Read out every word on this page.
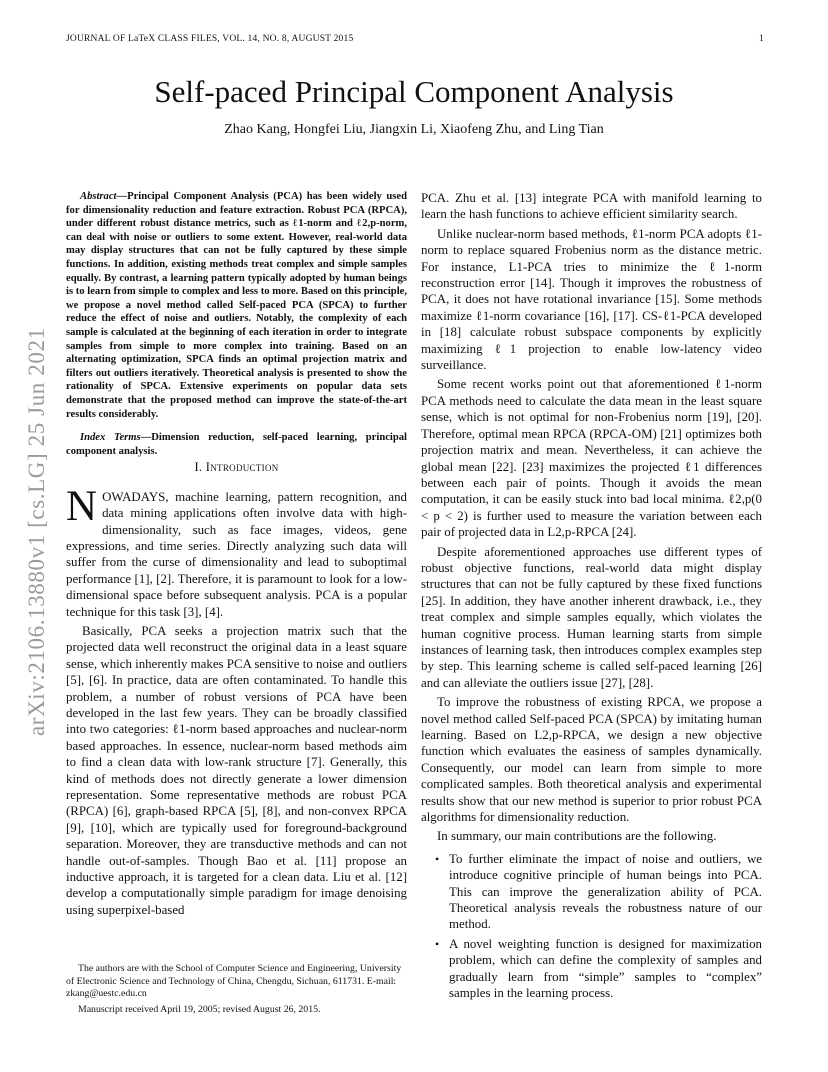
JOURNAL OF LaTeX CLASS FILES, VOL. 14, NO. 8, AUGUST 2015	1
arXiv:2106.13880v1 [cs.LG] 25 Jun 2021
Self-paced Principal Component Analysis
Zhao Kang, Hongfei Liu, Jiangxin Li, Xiaofeng Zhu, and Ling Tian

Abstract—Principal Component Analysis (PCA) has been widely used for dimensionality reduction and feature extraction. Robust PCA (RPCA), under different robust distance metrics, such as ℓ1-norm and ℓ2,p-norm, can deal with noise or outliers to some extent. However, real-world data may display structures that can not be fully captured by these simple functions. In addition, existing methods treat complex and simple samples equally. By contrast, a learning pattern typically adopted by human beings is to learn from simple to complex and less to more. Based on this principle, we propose a novel method called Self-paced PCA (SPCA) to further reduce the effect of noise and outliers. Notably, the complexity of each sample is calculated at the beginning of each iteration in order to integrate samples from simple to more complex into training. Based on an alternating optimization, SPCA finds an optimal projection matrix and filters out outliers iteratively. Theoretical analysis is presented to show the rationality of SPCA. Extensive experiments on popular data sets demonstrate that the proposed method can improve the state-of-the-art results considerably.

Index Terms—Dimension reduction, self-paced learning, principal component analysis.

I. Introduction

NOWADAYS, machine learning, pattern recognition, and data mining applications often involve data with high-dimensionality, such as face images, videos, gene expressions, and time series. Directly analyzing such data will suffer from the curse of dimensionality and lead to suboptimal performance [1], [2]. Therefore, it is paramount to look for a low-dimensional space before subsequent analysis. PCA is a popular technique for this task [3], [4].

Basically, PCA seeks a projection matrix such that the projected data well reconstruct the original data in a least square sense, which inherently makes PCA sensitive to noise and outliers [5], [6]. In practice, data are often contaminated. To handle this problem, a number of robust versions of PCA have been developed in the last few years. They can be broadly classified into two categories: ℓ1-norm based approaches and nuclear-norm based approaches. In essence, nuclear-norm based methods aim to find a clean data with low-rank structure [7]. Generally, this kind of methods does not directly generate a lower dimension representation. Some representative methods are robust PCA (RPCA) [6], graph-based RPCA [5], [8], and non-convex RPCA [9], [10], which are typically used for foreground-background separation. Moreover, they are transductive methods and can not handle out-of-samples. Though Bao et al. [11] propose an inductive approach, it is targeted for a clean data. Liu et al. [12] develop a computationally simple paradigm for image denoising using superpixel-based

The authors are with the School of Computer Science and Engineering, University of Electronic Science and Technology of China, Chengdu, Sichuan, 611731. E-mail: zkang@uestc.edu.cn

Manuscript received April 19, 2005; revised August 26, 2015.

PCA. Zhu et al. [13] integrate PCA with manifold learning to learn the hash functions to achieve efficient similarity search.

Unlike nuclear-norm based methods, ℓ1-norm PCA adopts ℓ1-norm to replace squared Frobenius norm as the distance metric. For instance, L1-PCA tries to minimize the ℓ1-norm reconstruction error [14]. Though it improves the robustness of PCA, it does not have rotational invariance [15]. Some methods maximize ℓ1-norm covariance [16], [17]. CS-ℓ1-PCA developed in [18] calculate robust subspace components by explicitly maximizing ℓ1 projection to enable low-latency video surveillance.

Some recent works point out that aforementioned ℓ1-norm PCA methods need to calculate the data mean in the least square sense, which is not optimal for non-Frobenius norm [19], [20]. Therefore, optimal mean RPCA (RPCA-OM) [21] optimizes both projection matrix and mean. Nevertheless, it can achieve the global mean [22]. [23] maximizes the projected ℓ1 differences between each pair of points. Though it avoids the mean computation, it can be easily stuck into bad local minima. ℓ2,p(0 < p < 2) is further used to measure the variation between each pair of projected data in L2,p-RPCA [24].

Despite aforementioned approaches use different types of robust objective functions, real-world data might display structures that can not be fully captured by these fixed functions [25]. In addition, they have another inherent drawback, i.e., they treat complex and simple samples equally, which violates the human cognitive process. Human learning starts from simple instances of learning task, then introduces complex examples step by step. This learning scheme is called self-paced learning [26] and can alleviate the outliers issue [27], [28].

To improve the robustness of existing RPCA, we propose a novel method called Self-paced PCA (SPCA) by imitating human learning. Based on L2,p-RPCA, we design a new objective function which evaluates the easiness of samples dynamically. Consequently, our model can learn from simple to more complicated samples. Both theoretical analysis and experimental results show that our new method is superior to prior robust PCA algorithms for dimensionality reduction.

In summary, our main contributions are the following.

• To further eliminate the impact of noise and outliers, we introduce cognitive principle of human beings into PCA. This can improve the generalization ability of PCA. Theoretical analysis reveals the robustness nature of our method.
• A novel weighting function is designed for maximization problem, which can define the complexity of samples and gradually learn from “simple” samples to “complex” samples in the learning process.
